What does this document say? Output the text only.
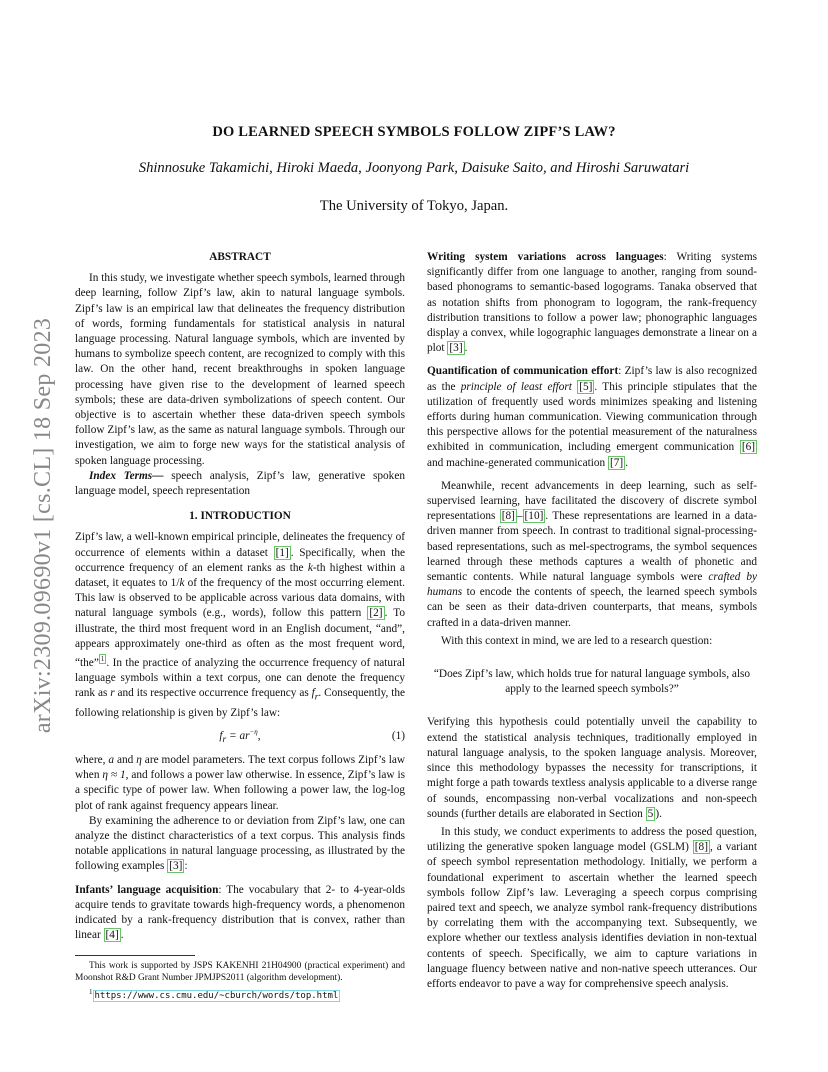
arXiv:2309.09690v1 [cs.CL] 18 Sep 2023
DO LEARNED SPEECH SYMBOLS FOLLOW ZIPF’S LAW?
Shinnosuke Takamichi, Hiroki Maeda, Joonyong Park, Daisuke Saito, and Hiroshi Saruwatari
The University of Tokyo, Japan.
ABSTRACT

In this study, we investigate whether speech symbols, learned through deep learning, follow Zipf’s law, akin to natural language symbols. Zipf’s law is an empirical law that delineates the frequency distribution of words, forming fundamentals for statistical analysis in natural language processing. Natural language symbols, which are invented by humans to symbolize speech content, are recognized to comply with this law. On the other hand, recent breakthroughs in spoken language processing have given rise to the development of learned speech symbols; these are data-driven symbolizations of speech content. Our objective is to ascertain whether these data-driven speech symbols follow Zipf’s law, as the same as natural language symbols. Through our investigation, we aim to forge new ways for the statistical analysis of spoken language processing.

Index Terms— speech analysis, Zipf’s law, generative spoken language model, speech representation

1. INTRODUCTION

Zipf’s law, a well-known empirical principle, delineates the frequency of occurrence of elements within a dataset [1] . Specifically, when the occurrence frequency of an element ranks as the k-th highest within a dataset, it equates to 1/k of the frequency of the most occurring element. This law is observed to be applicable across various data domains, with natural language symbols (e.g., words), follow this pattern [2] . To illustrate, the third most frequent word in an English document, “and”, appears approximately one-third as often as the most frequent word, “the” $^1$ . In the practice of analyzing the occurrence frequency of natural language symbols within a text corpus, one can denote the frequency rank as r and its respective occurrence frequency as $f_r$. Consequently, the following relationship is given by Zipf’s law:

$f_r = ar^{-\eta}$,	(1)

where, a and η are model parameters. The text corpus follows Zipf’s law when η ≈ 1, and follows a power law otherwise. In essence, Zipf’s law is a specific type of power law. When following a power law, the log-log plot of rank against frequency appears linear.

By examining the adherence to or deviation from Zipf’s law, one can analyze the distinct characteristics of a text corpus. This analysis finds notable applications in natural language processing, as illustrated by the following examples [3] :

Infants’ language acquisition: The vocabulary that 2- to 4-year-olds acquire tends to gravitate towards high-frequency words, a phenomenon indicated by a rank-frequency distribution that is convex, rather than linear [4] .

This work is supported by JSPS KAKENHI 21H04900 (practical experiment) and Moonshot R&D Grant Number JPMJPS2011 (algorithm development).

$^1$ https://www.cs.cmu.edu/~cburch/words/top.html

Writing system variations across languages: Writing systems significantly differ from one language to another, ranging from sound-based phonograms to semantic-based logograms. Tanaka observed that as notation shifts from phonogram to logogram, the rank-frequency distribution transitions to follow a power law; phonographic languages display a convex, while logographic languages demonstrate a linear on a plot [3] .

Quantification of communication effort: Zipf’s law is also recognized as the principle of least effort [5] . This principle stipulates that the utilization of frequently used words minimizes speaking and listening efforts during human communication. Viewing communication through this perspective allows for the potential measurement of the naturalness exhibited in communication, including emergent communication [6] and machine-generated communication [7] .

Meanwhile, recent advancements in deep learning, such as self-supervised learning, have facilitated the discovery of discrete symbol representations [8] – [10] . These representations are learned in a data-driven manner from speech. In contrast to traditional signal-processing-based representations, such as mel-spectrograms, the symbol sequences learned through these methods captures a wealth of phonetic and semantic contents. While natural language symbols were crafted by humans to encode the contents of speech, the learned speech symbols can be seen as their data-driven counterparts, that means, symbols crafted in a data-driven manner.

With this context in mind, we are led to a research question:

“Does Zipf’s law, which holds true for natural language symbols, also apply to the learned speech symbols?”

Verifying this hypothesis could potentially unveil the capability to extend the statistical analysis techniques, traditionally employed in natural language analysis, to the spoken language analysis. Moreover, since this methodology bypasses the necessity for transcriptions, it might forge a path towards textless analysis applicable to a diverse range of sounds, encompassing non-verbal vocalizations and non-speech sounds (further details are elaborated in Section 5 ).

In this study, we conduct experiments to address the posed question, utilizing the generative spoken language model (GSLM) [8] , a variant of speech symbol representation methodology. Initially, we perform a foundational experiment to ascertain whether the learned speech symbols follow Zipf’s law. Leveraging a speech corpus comprising paired text and speech, we analyze symbol rank-frequency distributions by correlating them with the accompanying text. Subsequently, we explore whether our textless analysis identifies deviation in non-textual contents of speech. Specifically, we aim to capture variations in language fluency between native and non-native speech utterances. Our efforts endeavor to pave a way for comprehensive speech analysis.
